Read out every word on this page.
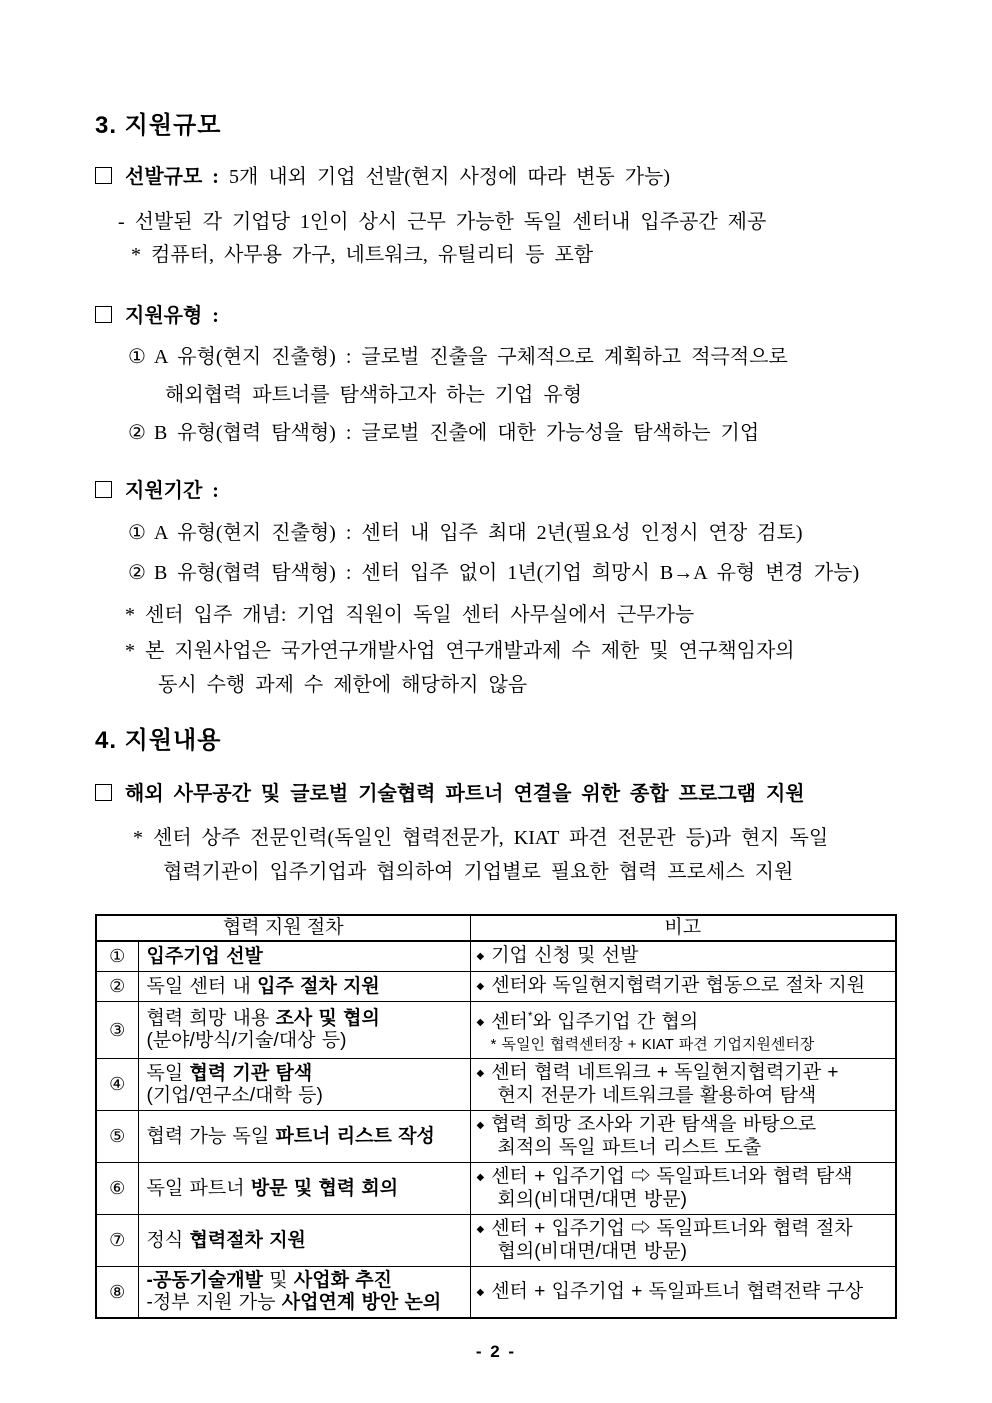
3. 지원규모
선발규모 : 5개 내외 기업 선발(현지 사정에 따라 변동 가능)
- 선발된 각 기업당 1인이 상시 근무 가능한 독일 센터내 입주공간 제공
* 컴퓨터, 사무용 가구, 네트워크, 유틸리티 등 포함
지원유형 :
① A 유형(현지 진출형) : 글로벌 진출을 구체적으로 계획하고 적극적으로
해외협력 파트너를 탐색하고자 하는 기업 유형
② B 유형(협력 탐색형) : 글로벌 진출에 대한 가능성을 탐색하는 기업
지원기간 :
① A 유형(현지 진출형) : 센터 내 입주 최대 2년(필요성 인정시 연장 검토)
② B 유형(협력 탐색형) : 센터 입주 없이 1년(기업 희망시 B→A 유형 변경 가능)
* 센터 입주 개념: 기업 직원이 독일 센터 사무실에서 근무가능
* 본 지원사업은 국가연구개발사업 연구개발과제 수 제한 및 연구책임자의
동시 수행 과제 수 제한에 해당하지 않음
4. 지원내용
해외 사무공간 및 글로벌 기술협력 파트너 연결을 위한 종합 프로그램 지원
* 센터 상주 전문인력(독일인 협력전문가, KIAT 파견 전문관 등)과 현지 독일
협력기관이 입주기업과 협의하여 기업별로 필요한 협력 프로세스 지원
협력 지원 절차		비고
①	입주기업 선발	◆ 기업 신청 및 선발

②	독일 센터 내 입주 절차 지원	◆ 센터와 독일현지협력기관 협동으로 절차 지원

③	
협력 희망 내용 조사 및 협의
(분야/방식/기술/대상 등)

◆ 센터*와 입주기업 간 협의
* 독일인 협력센터장 + KIAT 파견 기업지원센터장

④	
독일 협력 기관 탐색
(기업/연구소/대학 등)

◆ 센터 협력 네트워크 + 독일현지협력기관 +
현지 전문가 네트워크를 활용하여 탐색

⑤	협력 가능 독일 파트너 리스트 작성	◆ 협력 희망 조사와 기관 탐색을 바탕으로
최적의 독일 파트너 리스트 도출

⑥	독일 파트너 방문 및 협력 회의	◆ 센터 + 입주기업 ⇨ 독일파트너와 협력 탐색
회의(비대면/대면 방문)

⑦	정식 협력절차 지원	◆ 센터 + 입주기업 ⇨ 독일파트너와 협력 절차
협의(비대면/대면 방문)

⑧	-공동기술개발 및 사업화 추진
-정부 지원 가능 사업연계 방안 논의	◆ 센터 + 입주기업 + 독일파트너 협력전략 구상
- 2 -
